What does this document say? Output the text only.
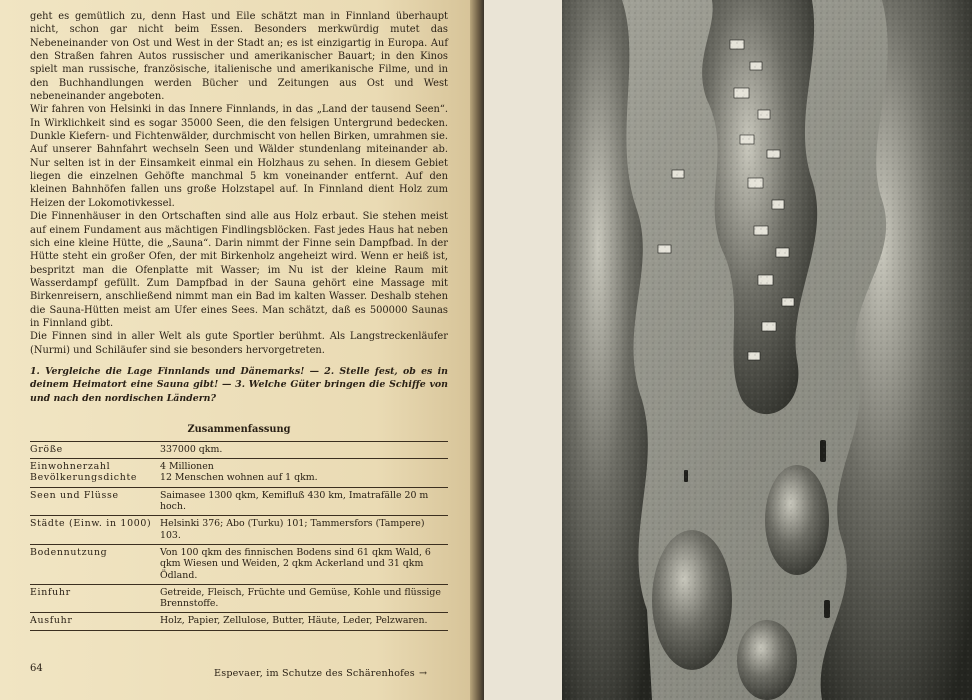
geht es gemütlich zu, denn Hast und Eile schätzt man in Finnland überhaupt nicht, schon gar nicht beim Essen. Besonders merkwürdig mutet das Nebeneinander von Ost und West in der Stadt an; es ist einzigartig in Europa. Auf den Straßen fahren Autos russischer und amerikanischer Bauart; in den Kinos spielt man russische, französische, italienische und amerikanische Filme, und in den Buchhandlungen werden Bücher und Zeitungen aus Ost und West nebeneinander angeboten.

Wir fahren von Helsinki in das Innere Finnlands, in das „Land der tausend Seen“. In Wirklichkeit sind es sogar 35000 Seen, die den felsigen Untergrund bedecken. Dunkle Kiefern- und Fichtenwälder, durchmischt von hellen Birken, umrahmen sie. Auf unserer Bahnfahrt wechseln Seen und Wälder stundenlang miteinander ab. Nur selten ist in der Einsamkeit einmal ein Holzhaus zu sehen. In diesem Gebiet liegen die einzelnen Gehöfte manchmal 5 km voneinander entfernt. Auf den kleinen Bahnhöfen fallen uns große Holzstapel auf. In Finnland dient Holz zum Heizen der Lokomotivkessel.

Die Finnenhäuser in den Ortschaften sind alle aus Holz erbaut. Sie stehen meist auf einem Fundament aus mächtigen Findlingsblöcken. Fast jedes Haus hat neben sich eine kleine Hütte, die „Sauna“. Darin nimmt der Finne sein Dampfbad. In der Hütte steht ein großer Ofen, der mit Birkenholz angeheizt wird. Wenn er heiß ist, bespritzt man die Ofenplatte mit Wasser; im Nu ist der kleine Raum mit Wasserdampf gefüllt. Zum Dampfbad in der Sauna gehört eine Massage mit Birkenreisern, anschließend nimmt man ein Bad im kalten Wasser. Deshalb stehen die Sauna-Hütten meist am Ufer eines Sees. Man schätzt, daß es 500000 Saunas in Finnland gibt.

Die Finnen sind in aller Welt als gute Sportler berühmt. Als Langstreckenläufer (Nurmi) und Schiläufer sind sie besonders hervorgetreten.

1. Vergleiche die Lage Finnlands und Dänemarks! — 2. Stelle fest, ob es in deinem Heimatort eine Sauna gibt! — 3. Welche Güter bringen die Schiffe von und nach den nordischen Ländern?
Zusammenfassung
Größe	337000 qkm.
Einwohnerzahl
Bevölkerungsdichte	4 Millionen
12 Menschen wohnen auf 1 qkm.
Seen und Flüsse	Saimasee 1300 qkm, Kemifluß 430 km, Imatrafälle 20 m hoch.
Städte (Einw. in 1000)	Helsinki 376; Abo (Turku) 101; Tammersfors (Tampere) 103.
Bodennutzung	Von 100 qkm des finnischen Bodens sind 61 qkm Wald, 6 qkm Wiesen und Weiden, 2 qkm Ackerland und 31 qkm Ödland.
Einfuhr	Getreide, Fleisch, Früchte und Gemüse, Kohle und flüssige Brennstoffe.
Ausfuhr	Holz, Papier, Zellulose, Butter, Häute, Leder, Pelzwaren.
64	Espevaer, im Schutze des Schärenhofes →
